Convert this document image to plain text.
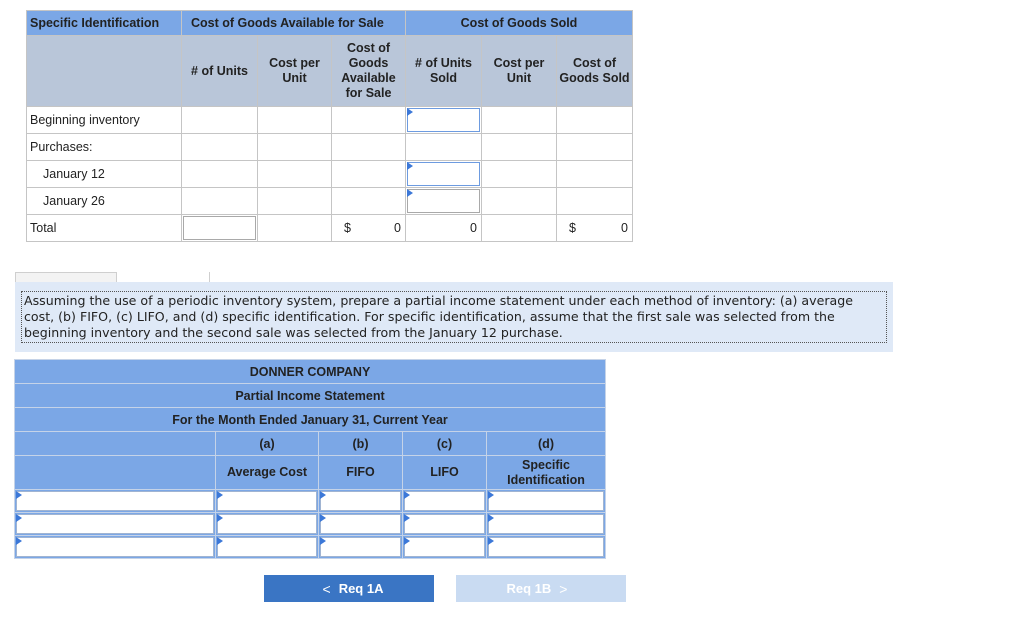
Specific Identification	Cost of Goods Available for Sale			Cost of Goods Sold		
	# of Units	Cost per Unit	Cost of Goods Available for Sale	# of Units Sold	Cost per Unit	Cost of Goods Sold
Beginning inventory				

Purchases:						
January 12				

January 26				

Total			$ 0	0		$ 0
Assuming the use of a periodic inventory system, prepare a partial income statement under each method of inventory: (a) average cost, (b) FIFO, (c) LIFO, and (d) specific identification. For specific identification, assume that the first sale was selected from the beginning inventory and the second sale was selected from the January 12 purchase.
DONNER COMPANY				
Partial Income Statement				
For the Month Ended January 31, Current Year				
	(a)	(b)	(c)	(d)
	Average Cost	FIFO	LIFO	Specific Identification

< Req 1A	Req 1B >
